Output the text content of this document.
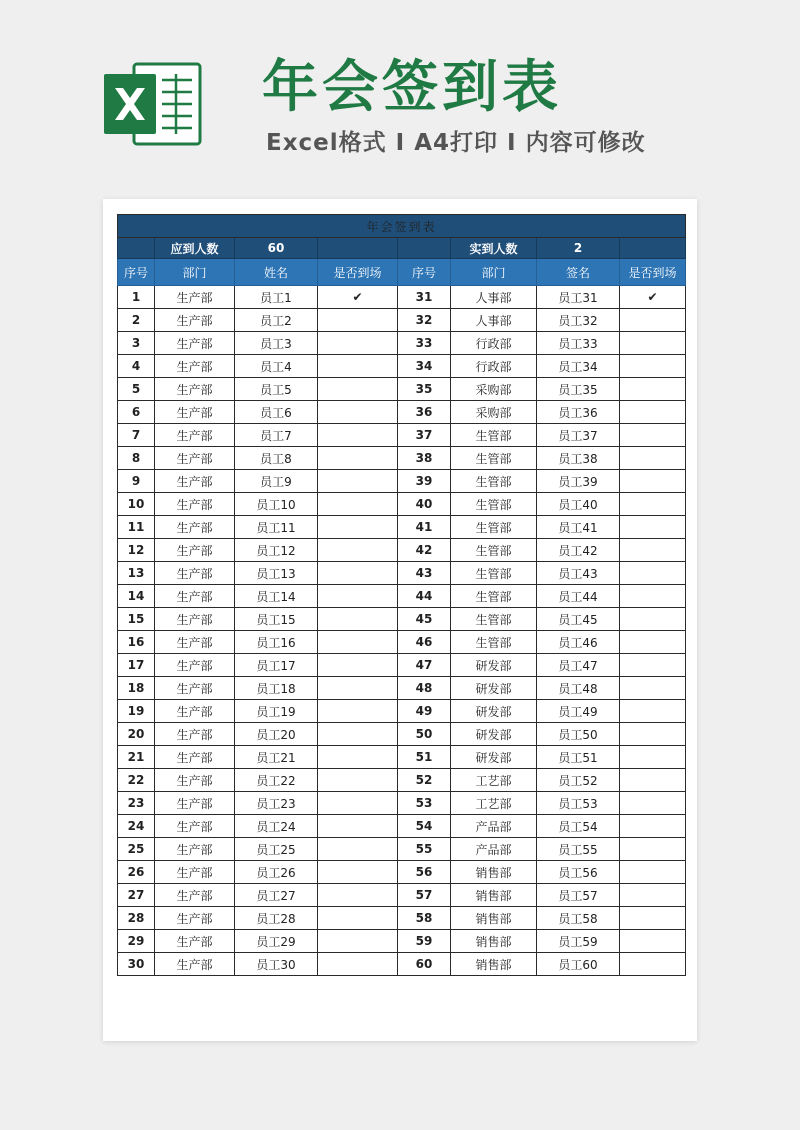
年会签到表
Excel格式 I A4打印 I 内容可修改
年会签到表							
	应到人数	60			实到人数	2	
序号	部门	姓名	是否到场	序号	部门	签名	是否到场
1	生产部	员工1	✔	31	人事部	员工31	✔
2	生产部	员工2		32	人事部	员工32	
3	生产部	员工3		33	行政部	员工33	
4	生产部	员工4		34	行政部	员工34	
5	生产部	员工5		35	采购部	员工35	
6	生产部	员工6		36	采购部	员工36	
7	生产部	员工7		37	生管部	员工37	
8	生产部	员工8		38	生管部	员工38	
9	生产部	员工9		39	生管部	员工39	
10	生产部	员工10		40	生管部	员工40	
11	生产部	员工11		41	生管部	员工41	
12	生产部	员工12		42	生管部	员工42	
13	生产部	员工13		43	生管部	员工43	
14	生产部	员工14		44	生管部	员工44	
15	生产部	员工15		45	生管部	员工45	
16	生产部	员工16		46	生管部	员工46	
17	生产部	员工17		47	研发部	员工47	
18	生产部	员工18		48	研发部	员工48	
19	生产部	员工19		49	研发部	员工49	
20	生产部	员工20		50	研发部	员工50	
21	生产部	员工21		51	研发部	员工51	
22	生产部	员工22		52	工艺部	员工52	
23	生产部	员工23		53	工艺部	员工53	
24	生产部	员工24		54	产品部	员工54	
25	生产部	员工25		55	产品部	员工55	
26	生产部	员工26		56	销售部	员工56	
27	生产部	员工27		57	销售部	员工57	
28	生产部	员工28		58	销售部	员工58	
29	生产部	员工29		59	销售部	员工59	
30	生产部	员工30		60	销售部	员工60	
